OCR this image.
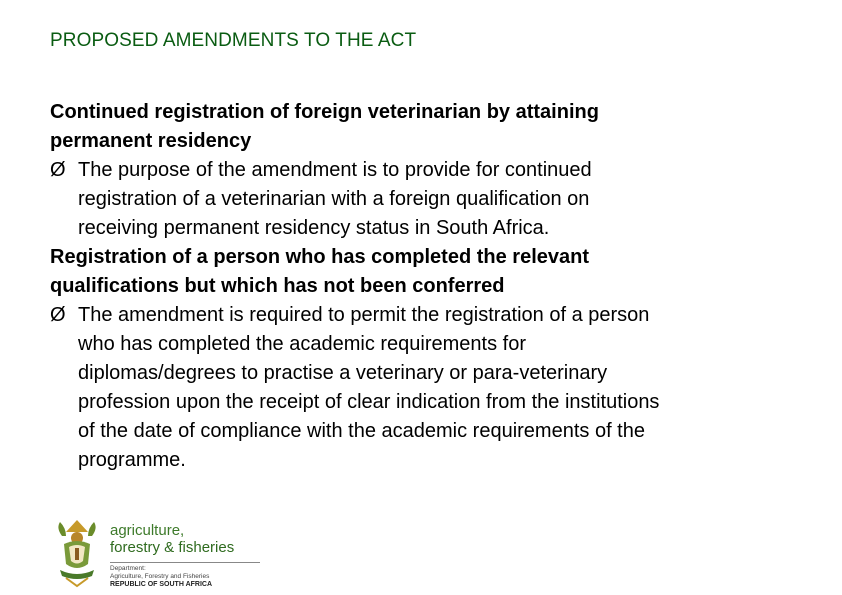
PROPOSED AMENDMENTS TO THE ACT

Continued registration of foreign veterinarian by attaining
permanent residency

Ø The purpose of the amendment is to provide for continued
registration of a veterinarian with a foreign qualification on
receiving permanent residency status in South Africa.

Registration of a person who has completed the relevant
qualifications but which has not been conferred

Ø The amendment is required to permit the registration of a person
who has completed the academic requirements for
diplomas/degrees to practise a veterinary or para-veterinary
profession upon the receipt of clear indication from the institutions
of the date of compliance with the academic requirements of the
programme.
agriculture,
forestry & fisheries
Department:
Agriculture, Forestry and Fisheries
REPUBLIC OF SOUTH AFRICA
